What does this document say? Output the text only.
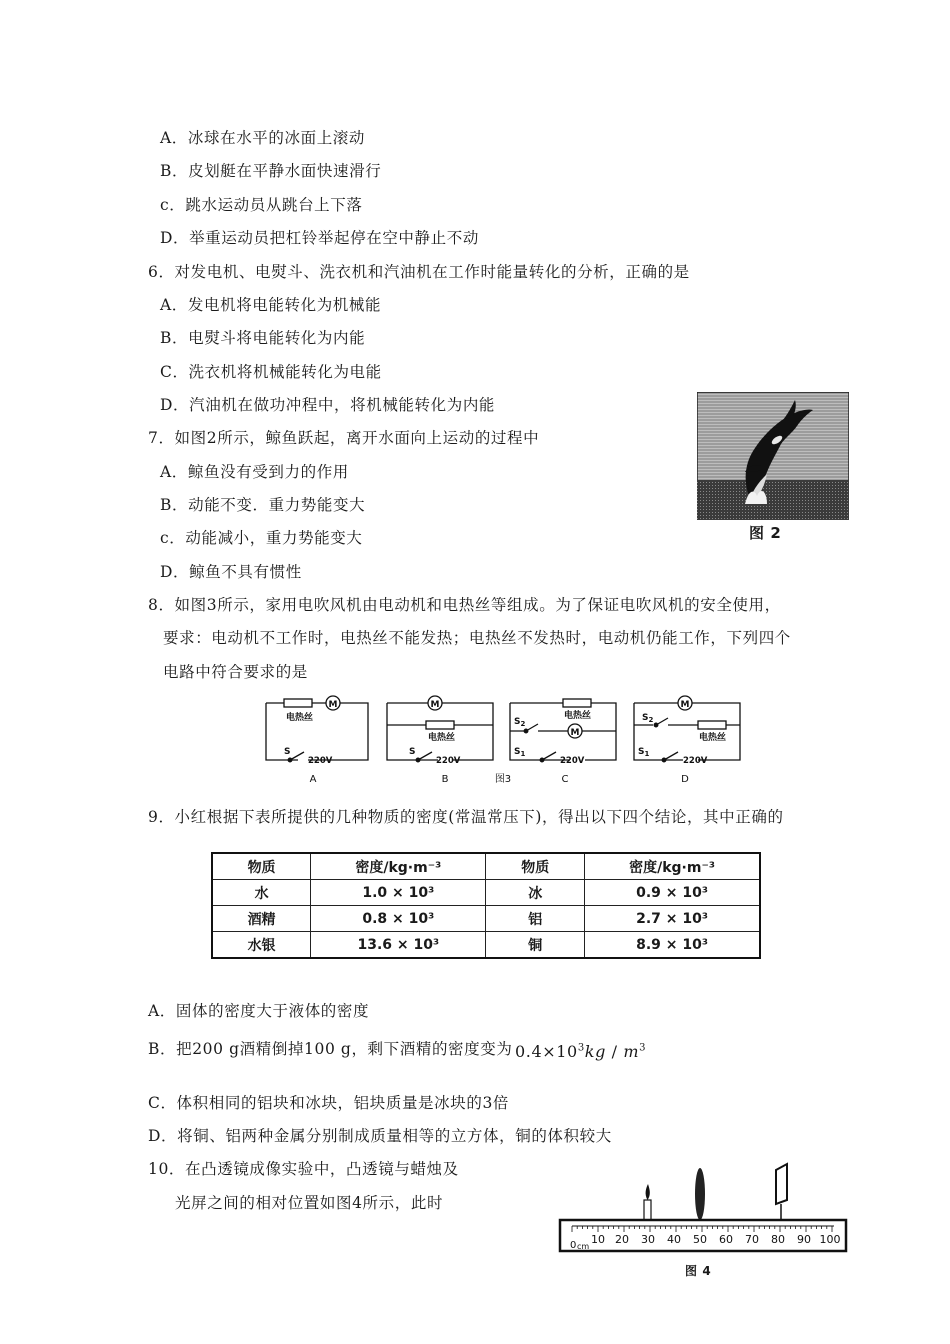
A．冰球在水平的冰面上滚动
B．皮划艇在平静水面快速滑行
c．跳水运动员从跳台上下落
D．举重运动员把杠铃举起停在空中静止不动
6．对发电机、电熨斗、洗衣机和汽油机在工作时能量转化的分析，正确的是
A．发电机将电能转化为机械能
B．电熨斗将电能转化为内能
C．洗衣机将机械能转化为电能
D．汽油机在做功冲程中，将机械能转化为内能
7．如图2所示，鲸鱼跃起，离开水面向上运动的过程中
A．鲸鱼没有受到力的作用
B．动能不变．重力势能变大
c．动能减小，重力势能变大
D．鲸鱼不具有惯性
图 2
8．如图3所示，家用电吹风机由电动机和电热丝等组成。为了保证电吹风机的安全使用，
要求：电动机不工作时，电热丝不能发热；电热丝不发热时，电动机仍能工作，下列四个
电路中符合要求的是
电热丝
M
S
220V
A
M
电热丝
S
220V
B
电热丝
M
$S_2$
$S_1$
220V
C
M
$S_2$
电热丝
$S_1$
220V
D
图3
9．小红根据下表所提供的几种物质的密度(常温常压下)，得出以下四个结论，其中正确的
物质	密度/kg·m⁻³	物质	密度/kg·m⁻³
水	1.0 × 10³	冰	0.9 × 10³
酒精	0.8 × 10³	铝	2.7 × 10³
水银	13.6 × 10³	铜	8.9 × 10³
A．固体的密度大于液体的密度
B．把200 g酒精倒掉100 g，剩下酒精的密度变为 $0.4\times 10^3kg / m^3$
C．体积相同的铝块和冰块，铝块质量是冰块的3倍
D．将铜、铝两种金属分别制成质量相等的立方体，铜的体积较大
10．在凸透镜成像实验中，凸透镜与蜡烛及
光屏之间的相对位置如图4所示，此时
0 cm
10 20 30 40 50 60 70 80 90 100
图 4
